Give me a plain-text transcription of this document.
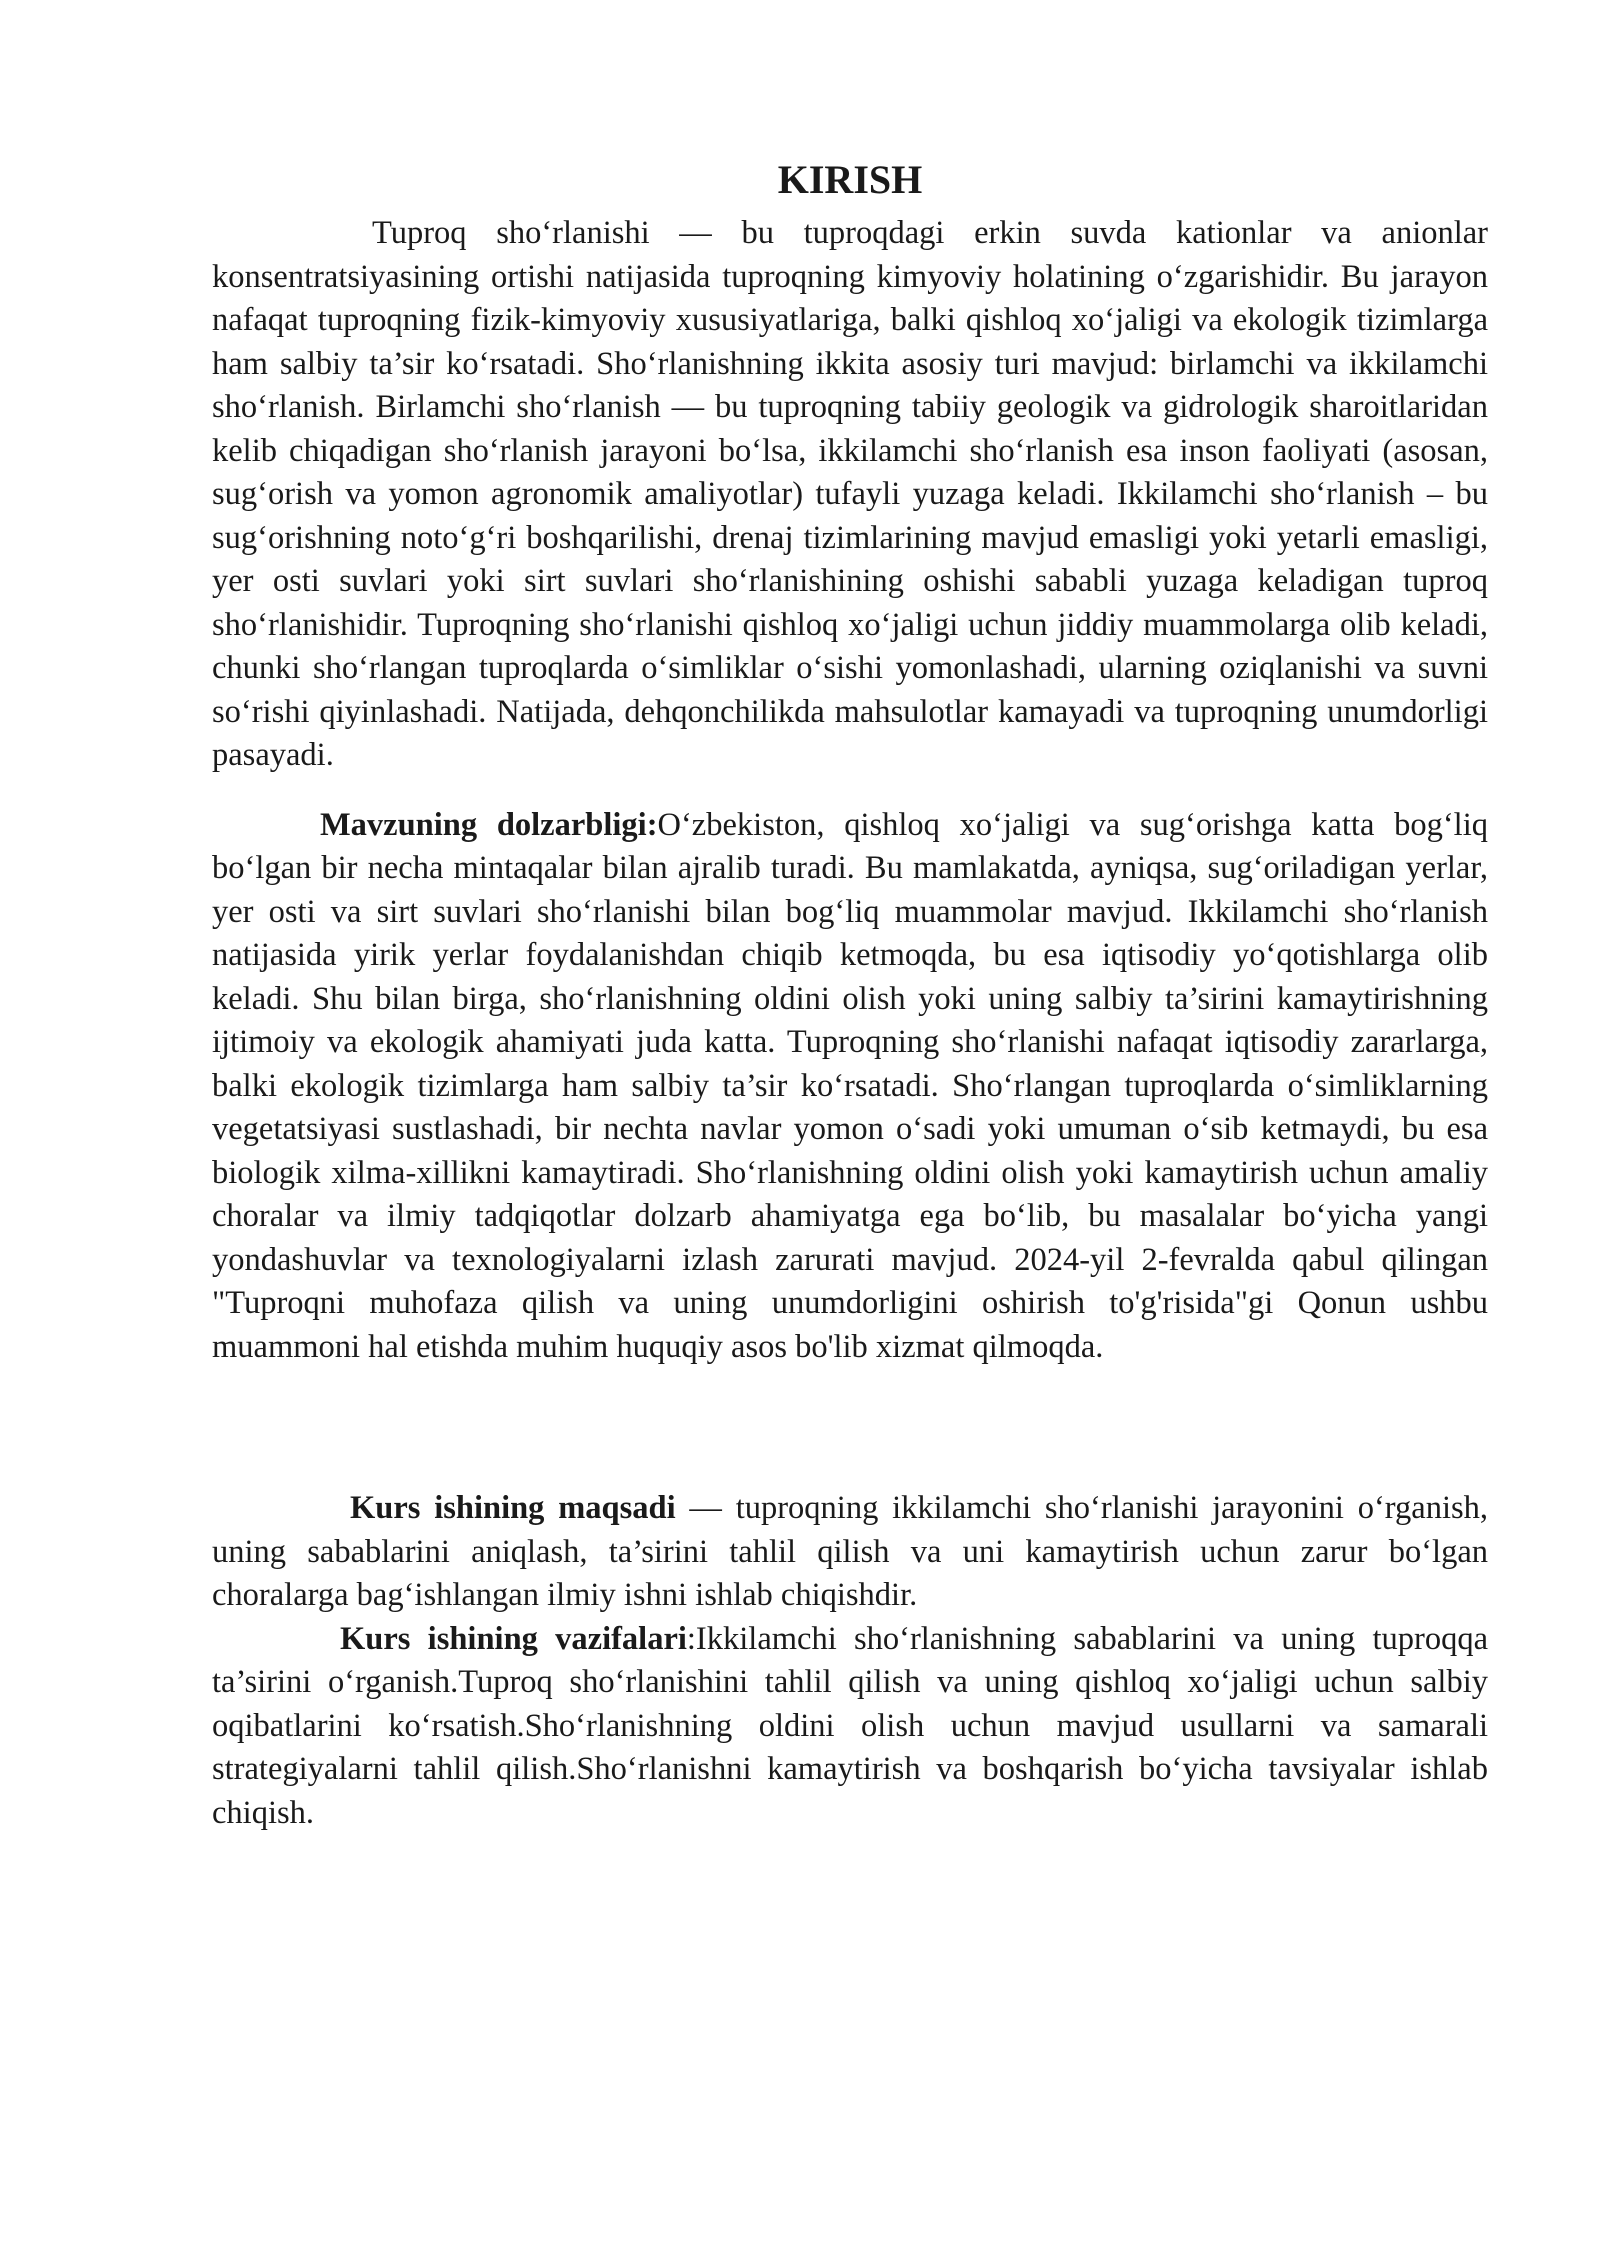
KIRISH

Tuproq sho‘rlanishi — bu tuproqdagi erkin suvda kationlar va anionlar konsentratsiyasining ortishi natijasida tuproqning kimyoviy holatining o‘zgarishidir. Bu jarayon nafaqat tuproqning fizik-kimyoviy xususiyatlariga, balki qishloq xo‘jaligi va ekologik tizimlarga ham salbiy ta’sir ko‘rsatadi. Sho‘rlanishning ikkita asosiy turi mavjud: birlamchi va ikkilamchi sho‘rlanish. Birlamchi sho‘rlanish — bu tuproqning tabiiy geologik va gidrologik sharoitlaridan kelib chiqadigan sho‘rlanish jarayoni bo‘lsa, ikkilamchi sho‘rlanish esa inson faoliyati (asosan, sug‘orish va yomon agronomik amaliyotlar) tufayli yuzaga keladi. Ikkilamchi sho‘rlanish – bu sug‘orishning noto‘g‘ri boshqarilishi, drenaj tizimlarining mavjud emasligi yoki yetarli emasligi, yer osti suvlari yoki sirt suvlari sho‘rlanishining oshishi sababli yuzaga keladigan tuproq sho‘rlanishidir. Tuproqning sho‘rlanishi qishloq xo‘jaligi uchun jiddiy muammolarga olib keladi, chunki sho‘rlangan tuproqlarda o‘simliklar o‘sishi yomonlashadi, ularning oziqlanishi va suvni so‘rishi qiyinlashadi. Natijada, dehqonchilikda mahsulotlar kamayadi va tuproqning unumdorligi pasayadi.

Mavzuning dolzarbligi:O‘zbekiston, qishloq xo‘jaligi va sug‘orishga katta bog‘liq bo‘lgan bir necha mintaqalar bilan ajralib turadi. Bu mamlakatda, ayniqsa, sug‘oriladigan yerlar, yer osti va sirt suvlari sho‘rlanishi bilan bog‘liq muammolar mavjud. Ikkilamchi sho‘rlanish natijasida yirik yerlar foydalanishdan chiqib ketmoqda, bu esa iqtisodiy yo‘qotishlarga olib keladi. Shu bilan birga, sho‘rlanishning oldini olish yoki uning salbiy ta’sirini kamaytirishning ijtimoiy va ekologik ahamiyati juda katta. Tuproqning sho‘rlanishi nafaqat iqtisodiy zararlarga, balki ekologik tizimlarga ham salbiy ta’sir ko‘rsatadi. Sho‘rlangan tuproqlarda o‘simliklarning vegetatsiyasi sustlashadi, bir nechta navlar yomon o‘sadi yoki umuman o‘sib ketmaydi, bu esa biologik xilma-xillikni kamaytiradi. Sho‘rlanishning oldini olish yoki kamaytirish uchun amaliy choralar va ilmiy tadqiqotlar dolzarb ahamiyatga ega bo‘lib, bu masalalar bo‘yicha yangi yondashuvlar va texnologiyalarni izlash zarurati mavjud. 2024-yil 2-fevralda qabul qilingan "Tuproqni muhofaza qilish va uning unumdorligini oshirish to'g'risida"gi Qonun ushbu muammoni hal etishda muhim huquqiy asos bo'lib xizmat qilmoqda.

Kurs ishining maqsadi — tuproqning ikkilamchi sho‘rlanishi jarayonini o‘rganish, uning sabablarini aniqlash, ta’sirini tahlil qilish va uni kamaytirish uchun zarur bo‘lgan choralarga bag‘ishlangan ilmiy ishni ishlab chiqishdir.

Kurs ishining vazifalari:Ikkilamchi sho‘rlanishning sabablarini va uning tuproqqa ta’sirini o‘rganish.Tuproq sho‘rlanishini tahlil qilish va uning qishloq xo‘jaligi uchun salbiy oqibatlarini ko‘rsatish.Sho‘rlanishning oldini olish uchun mavjud usullarni va samarali strategiyalarni tahlil qilish.Sho‘rlanishni kamaytirish va boshqarish bo‘yicha tavsiyalar ishlab chiqish.
